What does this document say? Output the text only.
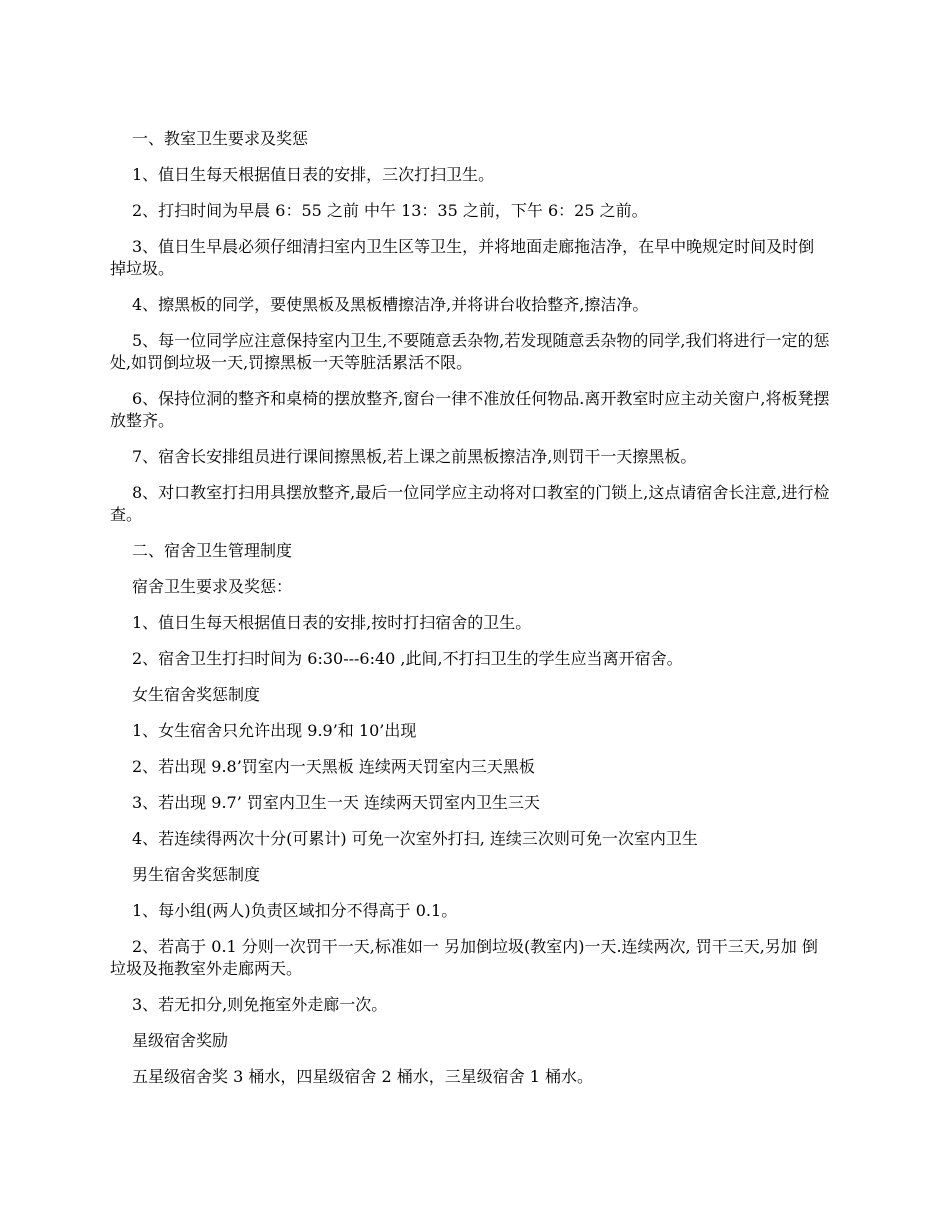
一、教室卫生要求及奖惩

1、值日生每天根据值日表的安排，三次打扫卫生。

2、打扫时间为早晨 6：55 之前 中午 13：35 之前，下午 6：25 之前。

3、值日生早晨必须仔细清扫室内卫生区等卫生，并将地面走廊拖洁净，在早中晚规定时间及时倒掉垃圾。

4、擦黑板的同学，要使黑板及黑板槽擦洁净,并将讲台收拾整齐,擦洁净。

5、每一位同学应注意保持室内卫生,不要随意丢杂物,若发现随意丢杂物的同学,我们将进行一定的惩处,如罚倒垃圾一天,罚擦黑板一天等脏活累活不限。

6、保持位洞的整齐和桌椅的摆放整齐,窗台一律不准放任何物品.离开教室时应主动关窗户,将板凳摆放整齐。

7、宿舍长安排组员进行课间擦黑板,若上课之前黑板擦洁净,则罚干一天擦黑板。

8、对口教室打扫用具摆放整齐,最后一位同学应主动将对口教室的门锁上,这点请宿舍长注意,进行检查。

二、宿舍卫生管理制度

宿舍卫生要求及奖惩：

1、值日生每天根据值日表的安排,按时打扫宿舍的卫生。

2、宿舍卫生打扫时间为 6:30---6:40 ,此间,不打扫卫生的学生应当离开宿舍。

女生宿舍奖惩制度

1、女生宿舍只允许出现 9.9’和 10’出现

2、若出现 9.8’罚室内一天黑板 连续两天罚室内三天黑板

3、若出现 9.7’ 罚室内卫生一天 连续两天罚室内卫生三天

4、若连续得两次十分(可累计) 可免一次室外打扫, 连续三次则可免一次室内卫生

男生宿舍奖惩制度

1、每小组(两人)负责区域扣分不得高于 0.1。

2、若高于 0.1 分则一次罚干一天,标准如一 另加倒垃圾(教室内)一天.连续两次, 罚干三天,另加 倒垃圾及拖教室外走廊两天。

3、若无扣分,则免拖室外走廊一次。

星级宿舍奖励

五星级宿舍奖 3 桶水，四星级宿舍 2 桶水，三星级宿舍 1 桶水。
